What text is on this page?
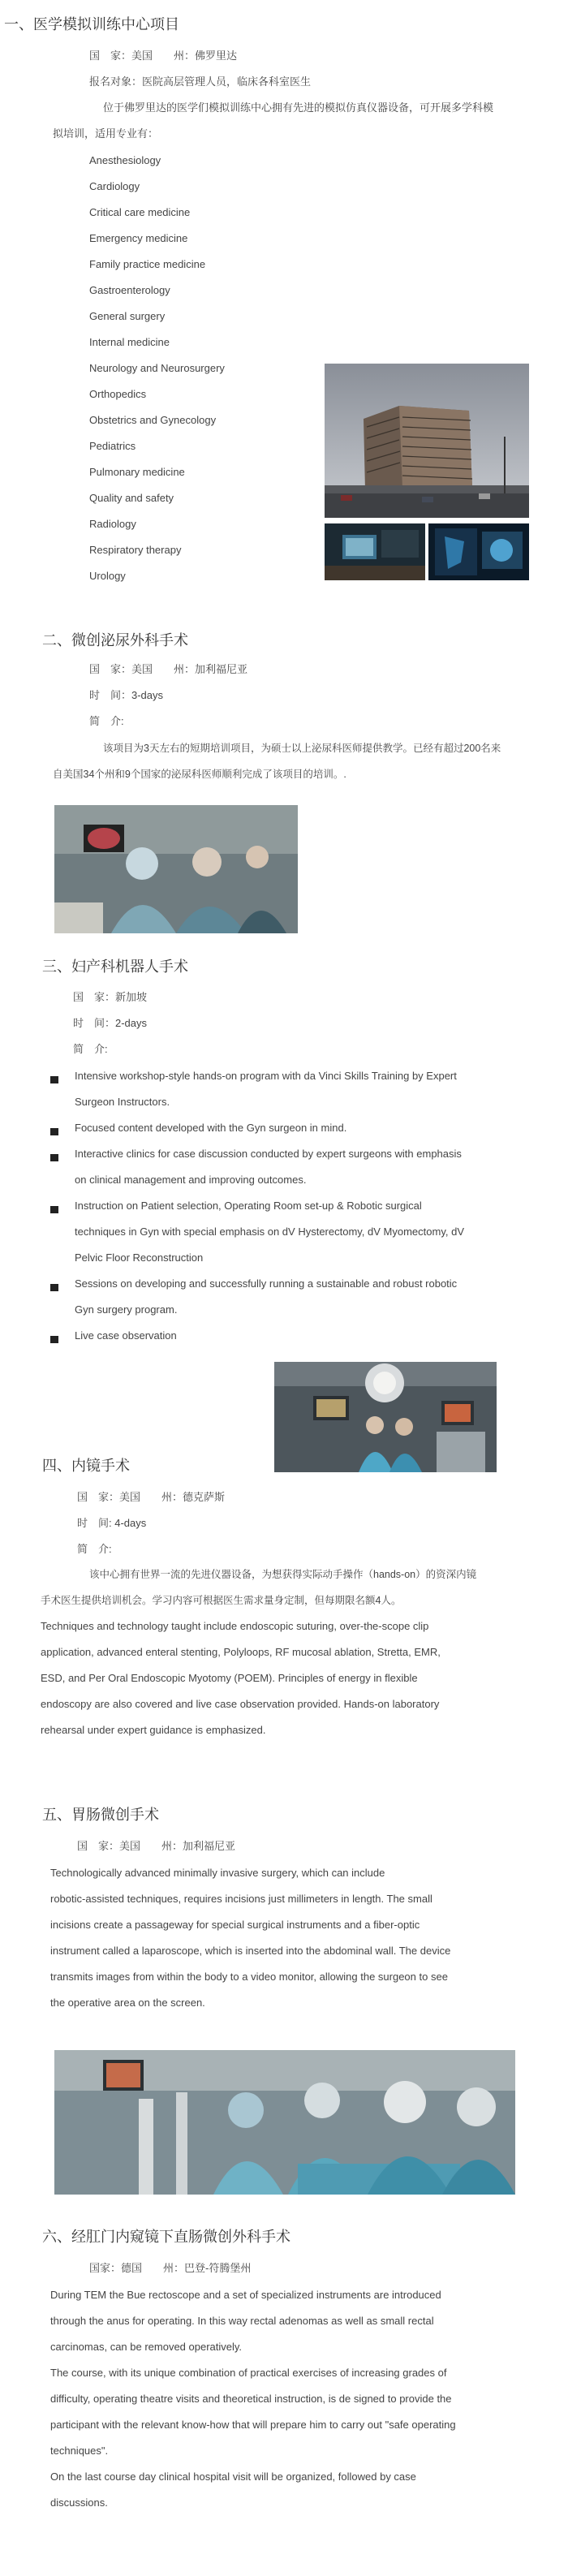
一、医学模拟训练中心项目
国　家：美国　　州：佛罗里达
报名对象：医院高层管理人员，临床各科室医生
位于佛罗里达的医学们模拟训练中心拥有先进的模拟仿真仪器设备，可开展多学科模
拟培训，适用专业有：
Anesthesiology
Cardiology
Critical care medicine
Emergency medicine
Family practice medicine
Gastroenterology
General surgery
Internal medicine
Neurology and Neurosurgery
Orthopedics
Obstetrics and Gynecology
Pediatrics
Pulmonary medicine
Quality and safety
Radiology
Respiratory therapy
Urology
二、微创泌尿外科手术
国　家：美国　　州：加利福尼亚
时　间：3-days
简　介:
该项目为3天左右的短期培训项目，为硕士以上泌尿科医师提供教学。已经有超过200名来
自美国34个州和9个国家的泌尿科医师顺利完成了该项目的培训。.
三、妇产科机器人手术
国　家：新加坡
时　间：2-days
简　介:
Intensive workshop-style hands-on program with da Vinci Skills Training by Expert
Surgeon Instructors.
Focused content developed with the Gyn surgeon in mind.
Interactive clinics for case discussion conducted by expert surgeons with emphasis
on clinical management and improving outcomes.
Instruction on Patient selection, Operating Room set-up & Robotic surgical
techniques in Gyn with special emphasis on dV Hysterectomy, dV Myomectomy, dV
Pelvic Floor Reconstruction
Sessions on developing and successfully running a sustainable and robust robotic
Gyn surgery program.
Live case observation
四、内镜手术
国　家：美国　　州：德克萨斯
时　间: 4-days
简　介:
该中心拥有世界一流的先进仪器设备，为想获得实际动手操作（hands-on）的资深内镜
手术医生提供培训机会。学习内容可根据医生需求量身定制，但每期限名额4人。
Techniques and technology taught include endoscopic suturing, over-the-scope clip
application, advanced enteral stenting, Polyloops, RF mucosal ablation, Stretta, EMR,
ESD, and Per Oral Endoscopic Myotomy (POEM). Principles of energy in flexible
endoscopy are also covered and live case observation provided. Hands-on laboratory
rehearsal under expert guidance is emphasized.
五、胃肠微创手术
国　家：美国　　州：加利福尼亚
Technologically advanced minimally invasive surgery, which can include
robotic-assisted techniques, requires incisions just millimeters in length. The small
incisions create a passageway for special surgical instruments and a fiber-optic
instrument called a laparoscope, which is inserted into the abdominal wall. The device
transmits images from within the body to a video monitor, allowing the surgeon to see
the operative area on the screen.
六、经肛门内窥镜下直肠微创外科手术
国家：德国　　州：巴登-符腾堡州
During TEM the Bue rectoscope and a set of specialized instruments are introduced
through the anus for operating. In this way rectal adenomas as well as small rectal
carcinomas, can be removed operatively.
The course, with its unique combination of practical exercises of increasing grades of
difficulty, operating theatre visits and theoretical instruction, is de signed to provide the
participant with the relevant know-how that will prepare him to carry out "safe operating
techniques".
On the last course day clinical hospital visit will be organized, followed by case
discussions.
